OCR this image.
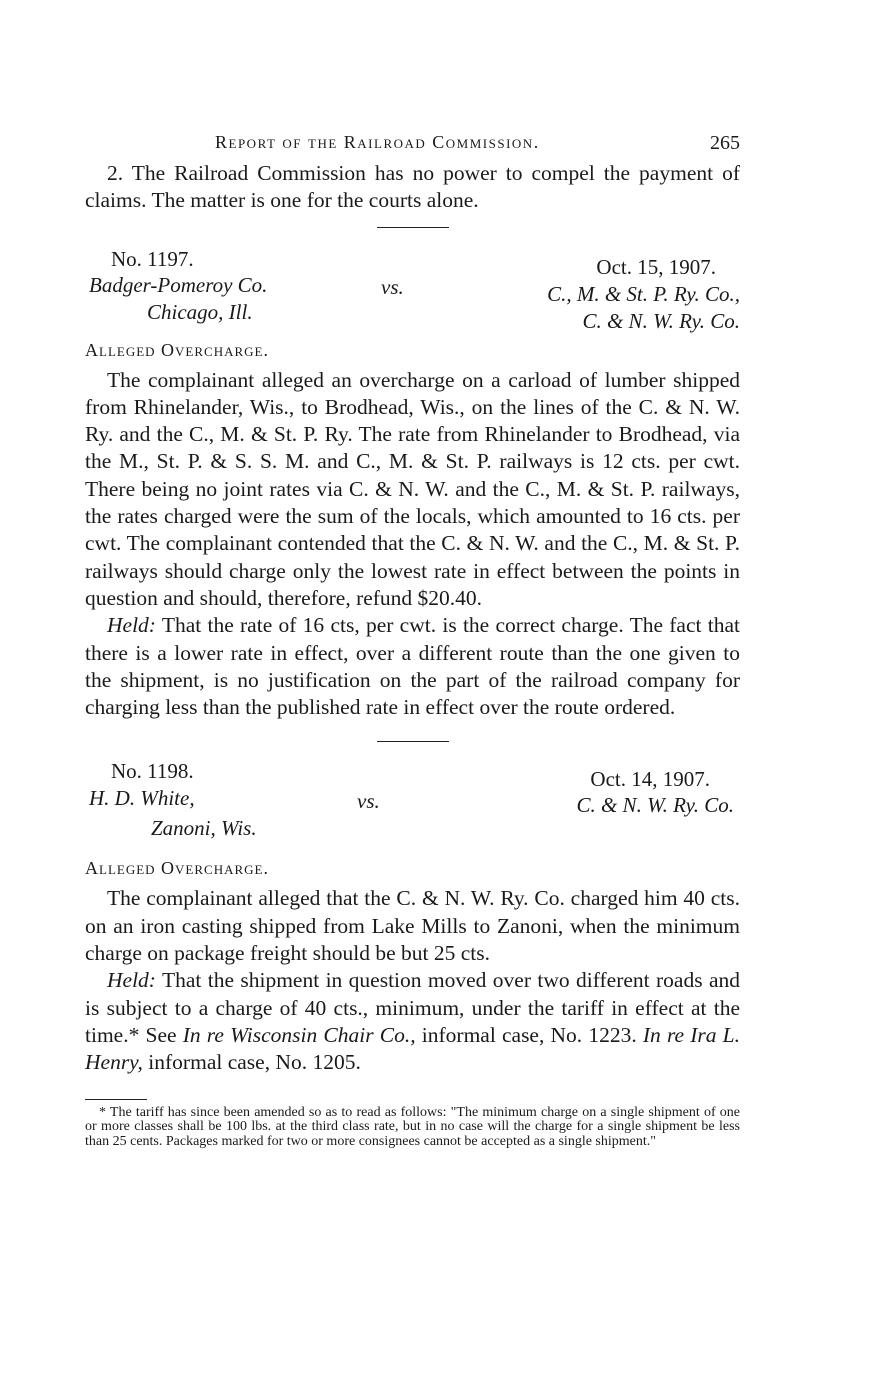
Report of the Railroad Commission.	265

2. The Railroad Commission has no power to compel the payment of claims. The matter is one for the courts alone.

No. 1197.	Oct. 15, 1907.
Badger-Pomeroy Co.
Chicago, Ill.
vs.	C., M. & St. P. Ry. Co.,
C. & N. W. Ry. Co.
Alleged Overcharge.

The complainant alleged an overcharge on a carload of lumber shipped from Rhinelander, Wis., to Brodhead, Wis., on the lines of the C. & N. W. Ry. and the C., M. & St. P. Ry. The rate from Rhinelander to Brodhead, via the M., St. P. & S. S. M. and C., M. & St. P. railways is 12 cts. per cwt. There being no joint rates via C. & N. W. and the C., M. & St. P. railways, the rates charged were the sum of the locals, which amounted to 16 cts. per cwt. The complainant contended that the C. & N. W. and the C., M. & St. P. railways should charge only the lowest rate in effect between the points in question and should, therefore, refund $20.40.

Held: That the rate of 16 cts, per cwt. is the correct charge. The fact that there is a lower rate in effect, over a different route than the one given to the shipment, is no justification on the part of the railroad company for charging less than the published rate in effect over the route ordered.

No. 1198.	Oct. 14, 1907.
H. D. White,
Zanoni, Wis.
vs.	C. & N. W. Ry. Co.
Alleged Overcharge.

The complainant alleged that the C. & N. W. Ry. Co. charged him 40 cts. on an iron casting shipped from Lake Mills to Zanoni, when the minimum charge on package freight should be but 25 cts.

Held: That the shipment in question moved over two different roads and is subject to a charge of 40 cts., minimum, under the tariff in effect at the time.* See In re Wisconsin Chair Co., informal case, No. 1223. In re Ira L. Henry, informal case, No. 1205.

* The tariff has since been amended so as to read as follows: "The minimum charge on a single shipment of one or more classes shall be 100 lbs. at the third class rate, but in no case will the charge for a single shipment be less than 25 cents. Packages marked for two or more consignees cannot be accepted as a single shipment."
